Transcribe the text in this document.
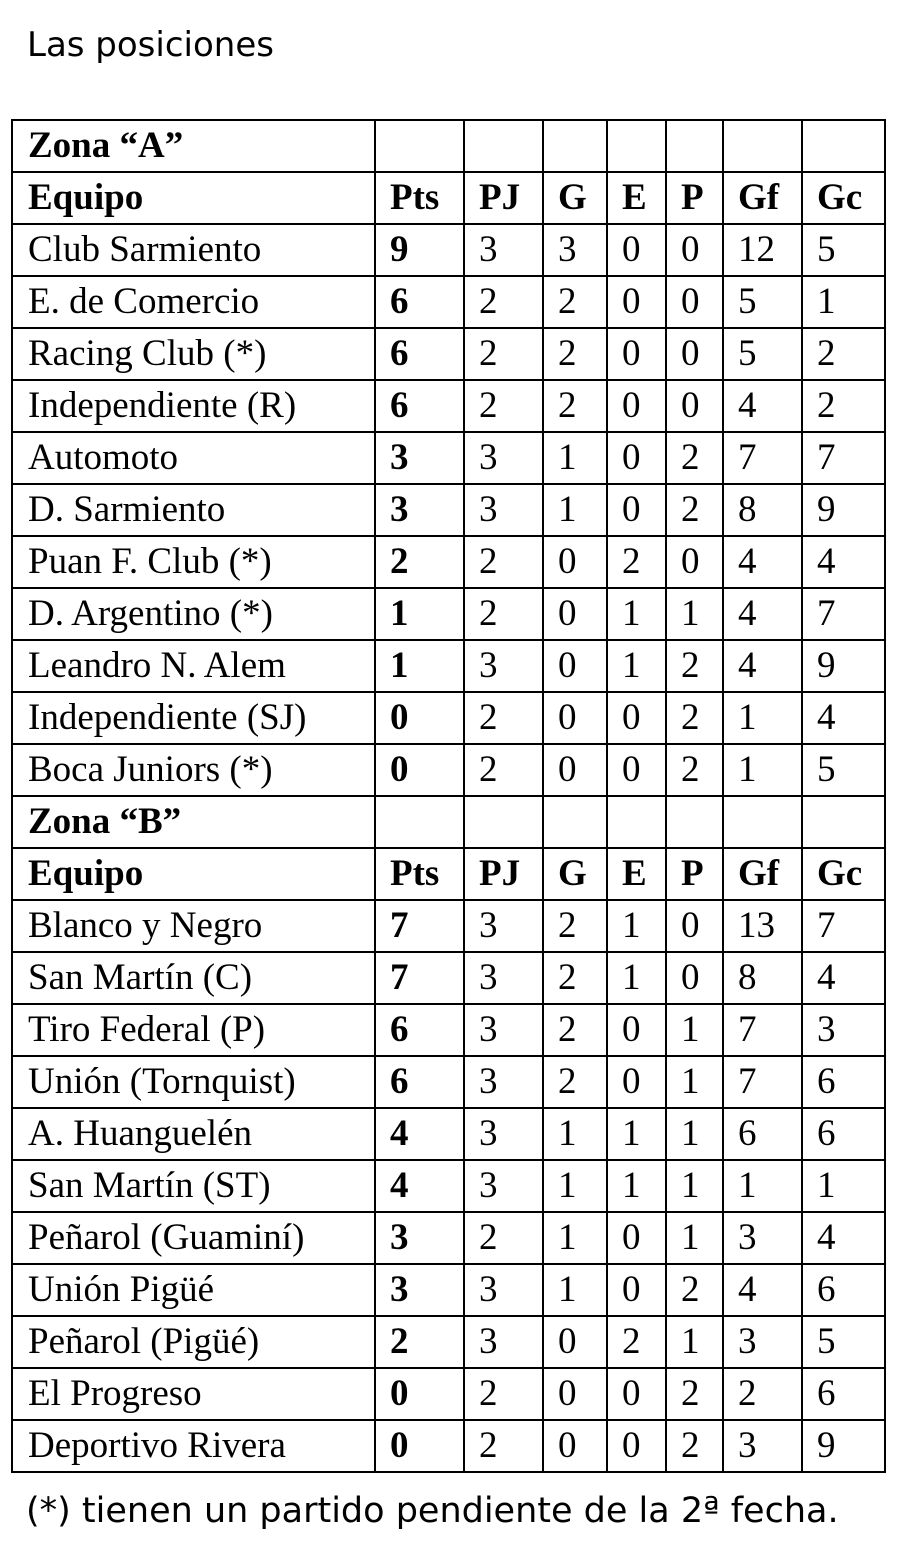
Las posiciones
Zona “A”							
Equipo	Pts	PJ	G	E	P	Gf	Gc
Club Sarmiento	9	3	3	0	0	12	5
E. de Comercio	6	2	2	0	0	5	1
Racing Club (*)	6	2	2	0	0	5	2
Independiente (R)	6	2	2	0	0	4	2
Automoto	3	3	1	0	2	7	7
D. Sarmiento	3	3	1	0	2	8	9
Puan F. Club (*)	2	2	0	2	0	4	4
D. Argentino (*)	1	2	0	1	1	4	7
Leandro N. Alem	1	3	0	1	2	4	9
Independiente (SJ)	0	2	0	0	2	1	4
Boca Juniors (*)	0	2	0	0	2	1	5
Zona “B”							
Equipo	Pts	PJ	G	E	P	Gf	Gc
Blanco y Negro	7	3	2	1	0	13	7
San Martín (C)	7	3	2	1	0	8	4
Tiro Federal (P)	6	3	2	0	1	7	3
Unión (Tornquist)	6	3	2	0	1	7	6
A. Huanguelén	4	3	1	1	1	6	6
San Martín (ST)	4	3	1	1	1	1	1
Peñarol (Guaminí)	3	2	1	0	1	3	4
Unión Pigüé	3	3	1	0	2	4	6
Peñarol (Pigüé)	2	3	0	2	1	3	5
El Progreso	0	2	0	0	2	2	6
Deportivo Rivera	0	2	0	0	2	3	9
(*) tienen un partido pendiente de la 2ª fecha.
